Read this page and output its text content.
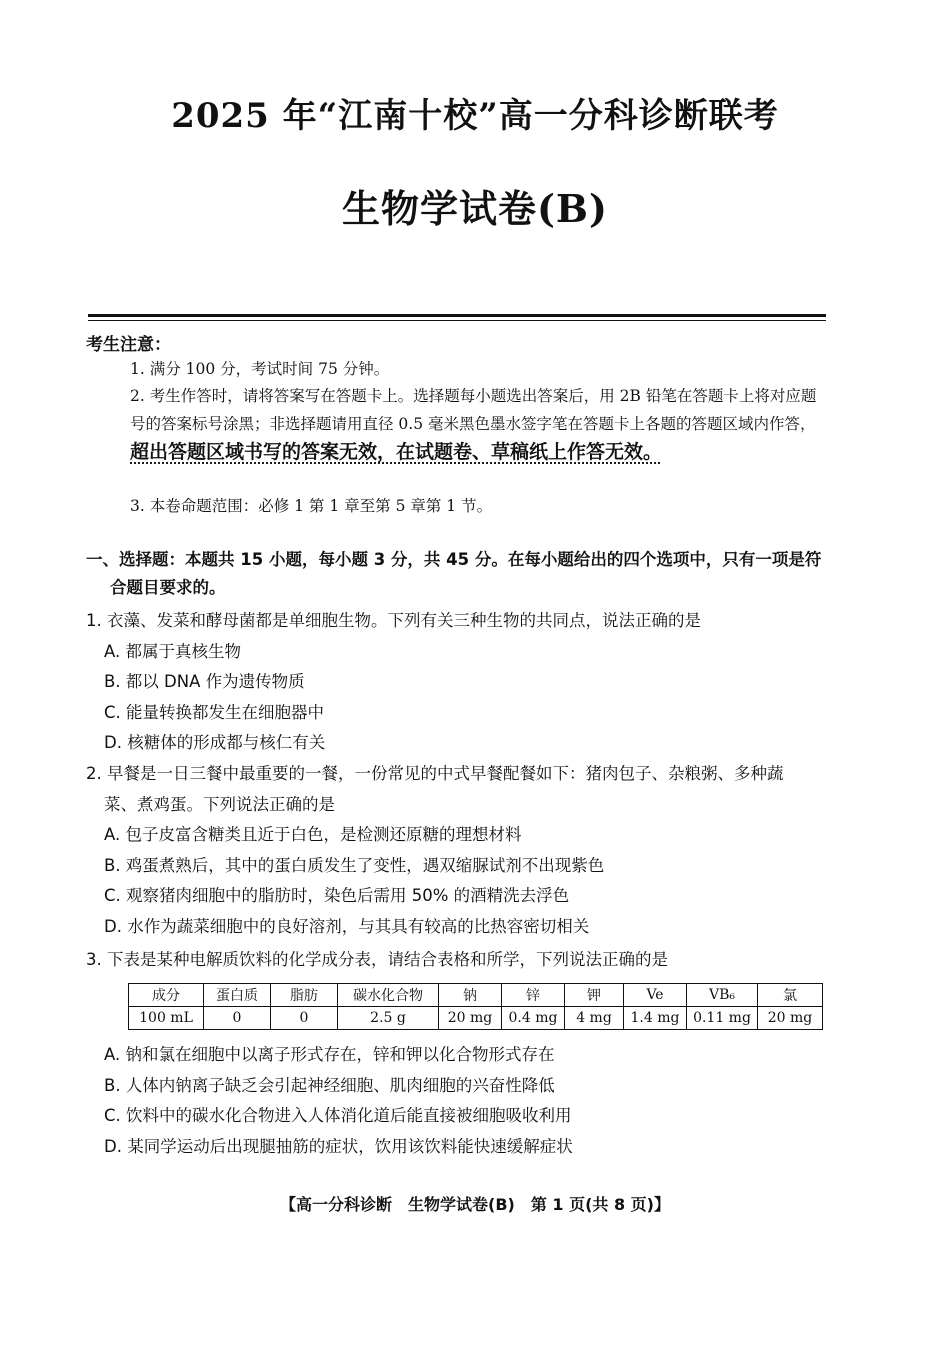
2025 年“江南十校”高一分科诊断联考
生物学试卷(B)
考生注意：
1. 满分 100 分，考试时间 75 分钟。
2. 考生作答时，请将答案写在答题卡上。选择题每小题选出答案后，用 2B 铅笔在答题卡上将对应题号的答案标号涂黑；非选择题请用直径 0.5 毫米黑色墨水签字笔在答题卡上各题的答题区域内作答，超出答题区域书写的答案无效，在试题卷、草稿纸上作答无效。
3. 本卷命题范围：必修 1 第 1 章至第 5 章第 1 节。
一、选择题：本题共 15 小题，每小题 3 分，共 45 分。在每小题给出的四个选项中，只有一项是符
合题目要求的。
1. 衣藻、发菜和酵母菌都是单细胞生物。下列有关三种生物的共同点，说法正确的是
A. 都属于真核生物
B. 都以 DNA 作为遗传物质
C. 能量转换都发生在细胞器中
D. 核糖体的形成都与核仁有关
2. 早餐是一日三餐中最重要的一餐，一份常见的中式早餐配餐如下：猪肉包子、杂粮粥、多种蔬
菜、煮鸡蛋。下列说法正确的是
A. 包子皮富含糖类且近于白色，是检测还原糖的理想材料
B. 鸡蛋煮熟后，其中的蛋白质发生了变性，遇双缩脲试剂不出现紫色
C. 观察猪肉细胞中的脂肪时，染色后需用 50% 的酒精洗去浮色
D. 水作为蔬菜细胞中的良好溶剂，与其具有较高的比热容密切相关
3. 下表是某种电解质饮料的化学成分表，请结合表格和所学，下列说法正确的是
成分	蛋白质	脂肪	碳水化合物	钠	锌	钾	Ve	VB₆	氯
100 mL	0	0	2.5 g	20 mg	0.4 mg	4 mg	1.4 mg	0.11 mg	20 mg
A. 钠和氯在细胞中以离子形式存在，锌和钾以化合物形式存在
B. 人体内钠离子缺乏会引起神经细胞、肌肉细胞的兴奋性降低
C. 饮料中的碳水化合物进入人体消化道后能直接被细胞吸收利用
D. 某同学运动后出现腿抽筋的症状，饮用该饮料能快速缓解症状
【高一分科诊断　生物学试卷(B)　第 1 页(共 8 页)】
